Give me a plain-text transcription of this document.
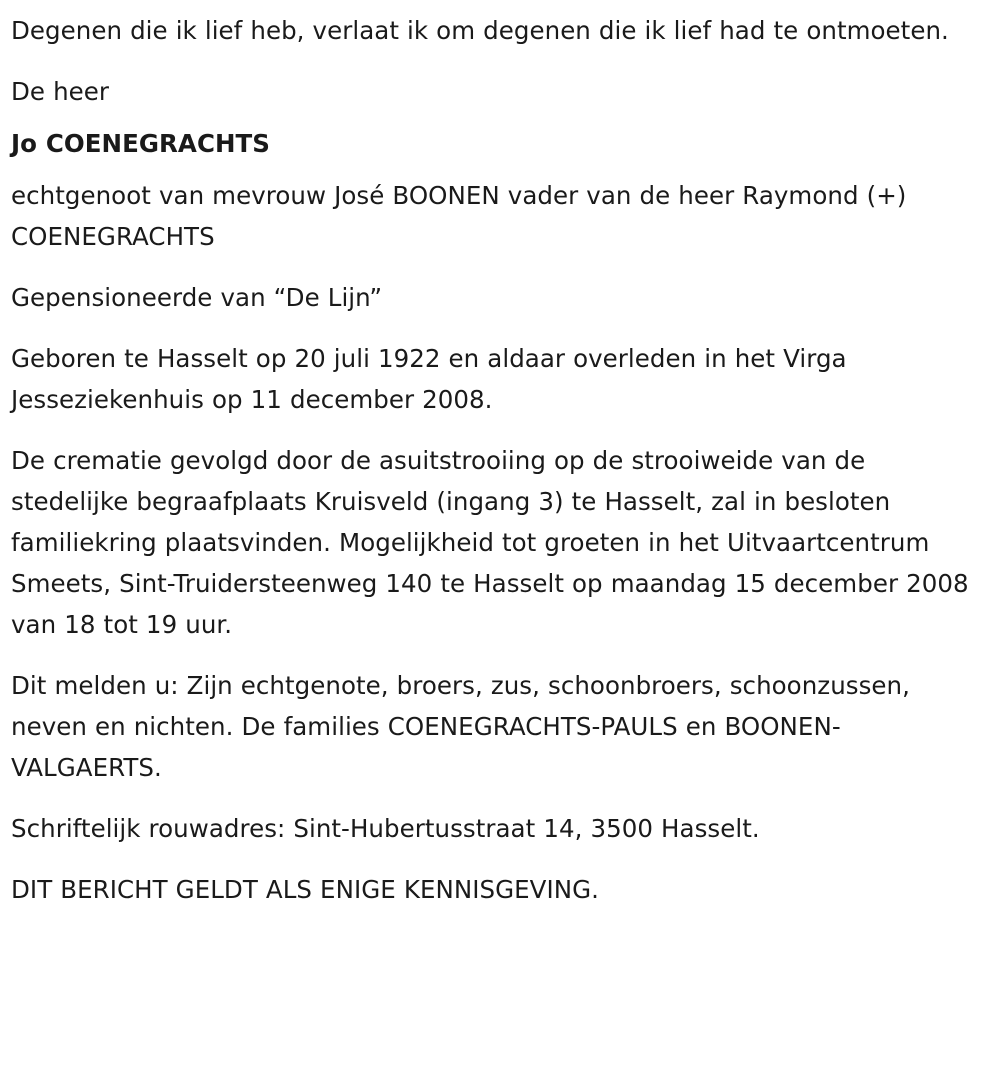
Degenen die ik lief heb, verlaat ik om degenen die ik lief had te ontmoeten.

De heer

Jo COENEGRACHTS

echtgenoot van mevrouw José BOONEN vader van de heer Raymond (+) COENEGRACHTS

Gepensioneerde van “De Lijn”

Geboren te Hasselt op 20 juli 1922 en aldaar overleden in het Virga Jesseziekenhuis op 11 december 2008.

De crematie gevolgd door de asuitstrooiing op de strooiweide van de stedelijke begraafplaats Kruisveld (ingang 3) te Hasselt, zal in besloten familiekring plaatsvinden. Mogelijkheid tot groeten in het Uitvaartcentrum Smeets, Sint-Truidersteenweg 140 te Hasselt op maandag 15 december 2008 van 18 tot 19 uur.

Dit melden u: Zijn echtgenote, broers, zus, schoonbroers, schoonzussen, neven en nichten. De families COENEGRACHTS-PAULS en BOONEN-VALGAERTS.

Schriftelijk rouwadres: Sint-Hubertusstraat 14, 3500 Hasselt.

DIT BERICHT GELDT ALS ENIGE KENNISGEVING.
